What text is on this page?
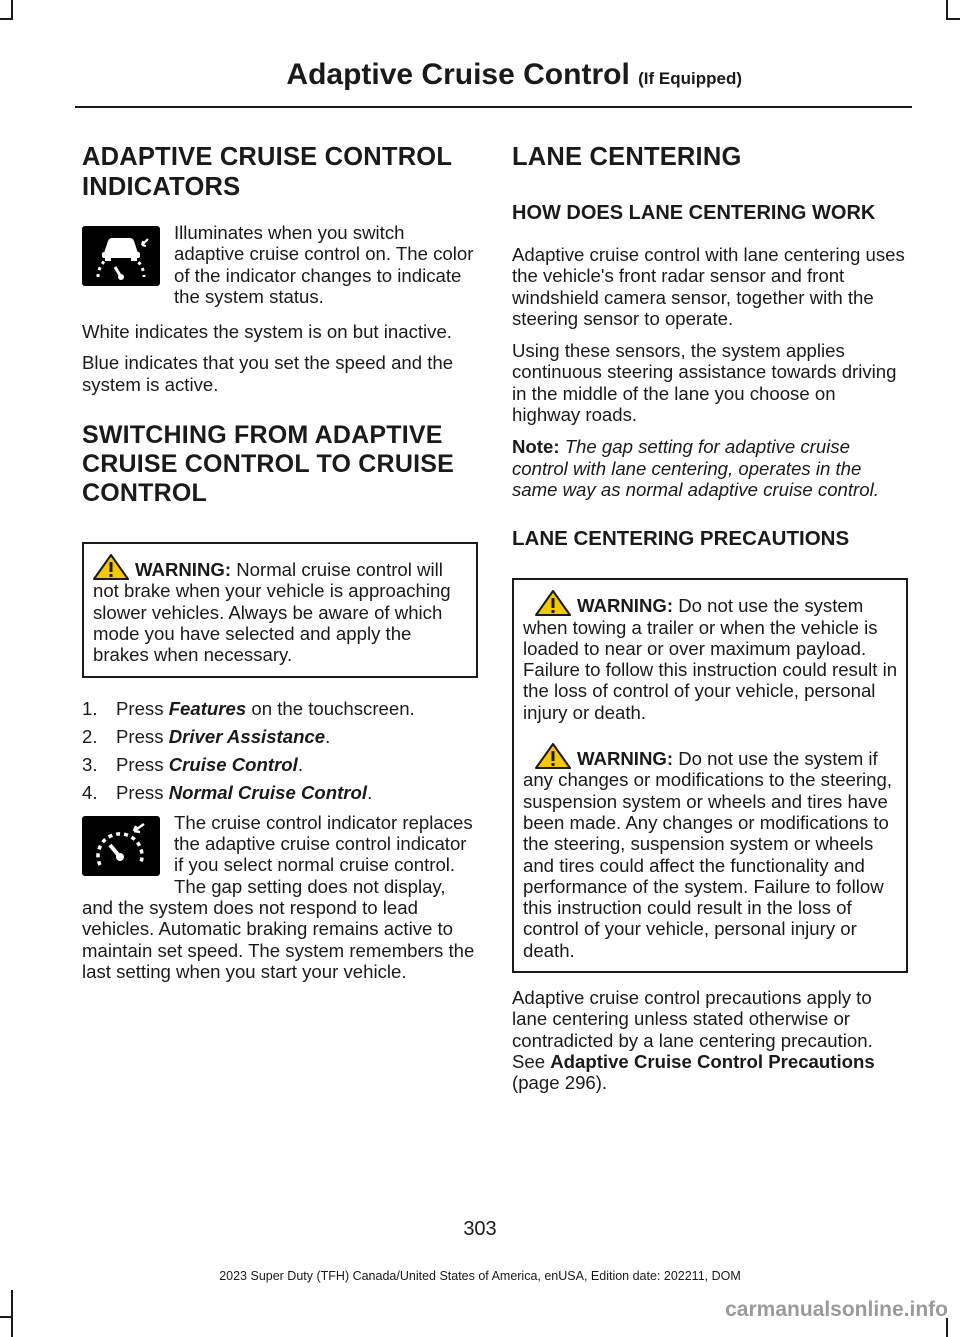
Adaptive Cruise Control (If Equipped)
ADAPTIVE CRUISE CONTROL INDICATORS

Illuminates when you switch adaptive cruise control on. The color of the indicator changes to indicate the system status.

White indicates the system is on but inactive.

Blue indicates that you set the speed and the system is active.

SWITCHING FROM ADAPTIVE CRUISE CONTROL TO CRUISE CONTROL

WARNING: Normal cruise control will not brake when your vehicle is approaching slower vehicles. Always be aware of which mode you have selected and apply the brakes when necessary.

1. Press Features on the touchscreen.
2. Press Driver Assistance.
3. Press Cruise Control.
4. Press Normal Cruise Control.

The cruise control indicator replaces the adaptive cruise control indicator if you select normal cruise control. The gap setting does not display, and the system does not respond to lead vehicles. Automatic braking remains active to maintain set speed. The system remembers the last setting when you start your vehicle.

LANE CENTERING
HOW DOES LANE CENTERING WORK

Adaptive cruise control with lane centering uses the vehicle's front radar sensor and front windshield camera sensor, together with the steering sensor to operate.

Using these sensors, the system applies continuous steering assistance towards driving in the middle of the lane you choose on highway roads.

Note: The gap setting for adaptive cruise control with lane centering, operates in the same way as normal adaptive cruise control.

LANE CENTERING PRECAUTIONS

WARNING: Do not use the system when towing a trailer or when the vehicle is loaded to near or over maximum payload. Failure to follow this instruction could result in the loss of control of your vehicle, personal injury or death.

WARNING: Do not use the system if any changes or modifications to the steering, suspension system or wheels and tires have been made. Any changes or modifications to the steering, suspension system or wheels and tires could affect the functionality and performance of the system. Failure to follow this instruction could result in the loss of control of your vehicle, personal injury or death.

Adaptive cruise control precautions apply to lane centering unless stated otherwise or contradicted by a lane centering precaution. See Adaptive Cruise Control Precautions (page 296).

303
2023 Super Duty (TFH) Canada/United States of America, enUSA, Edition date: 202211, DOM
carmanualsonline.info
